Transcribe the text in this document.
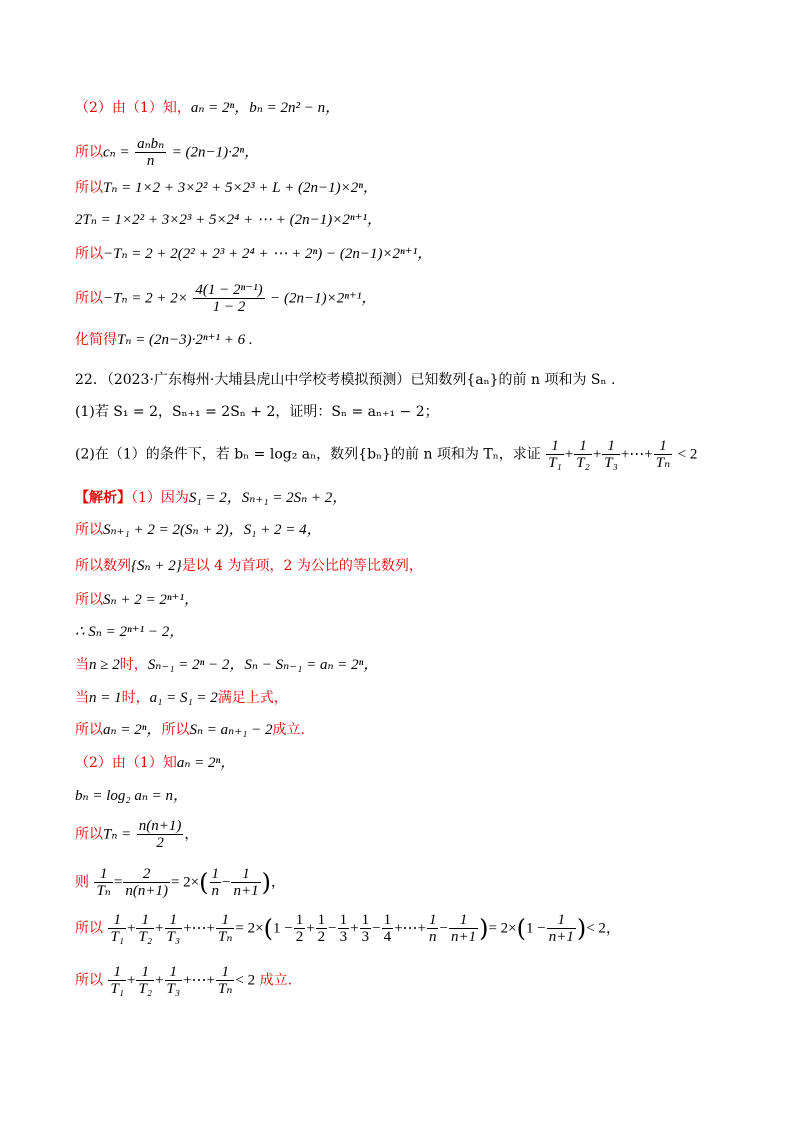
（2）由（1）知，aₙ = 2ⁿ，bₙ = 2n² − n，
所以$c_n = \frac{\text{aₙbₙ}}{n} = (2n-1)\cdot 2^n$，
所以Tₙ = 1×2 + 3×2² + 5×2³ + L + (2n−1)×2ⁿ，
2Tₙ = 1×2² + 3×2³ + 5×2⁴ + ⋯ + (2n−1)×2ⁿ⁺¹，
所以−Tₙ = 2 + 2(2² + 2³ + 2⁴ + ⋯ + 2ⁿ) − (2n−1)×2ⁿ⁺¹，
所以$-T_n = 2 + 2\times \frac{\text{4(1 − 2ⁿ⁻¹)}}{1 - 2} - (2n-1)\times 2^{n+1}$，
化简得Tₙ = (2n−3)·2ⁿ⁺¹ + 6 .
22．（2023·广东梅州·大埔县虎山中学校考模拟预测）已知数列{aₙ}的前 n 项和为 Sₙ .
(1)若 S₁ = 2，Sₙ₊₁ = 2Sₙ + 2，证明：Sₙ = aₙ₊₁ − 2；
(2)在（1）的条件下，若 bₙ = log₂ aₙ，数列{bₙ}的前 n 项和为 Tₙ，求证 $\frac{1}{\text{T₁}} + \frac{1}{\text{T₂}} + \frac{1}{\text{T₃}}$ +⋯+ $\frac{1}{\text{Tₙ}} < 2$
【解析】（1）因为S₁ = 2，Sₙ₊₁ = 2Sₙ + 2，
所以Sₙ₊₁ + 2 = 2(Sₙ + 2)，S₁ + 2 = 4，
所以数列{Sₙ + 2}是以 4 为首项，2 为公比的等比数列，
所以Sₙ + 2 = 2ⁿ⁺¹，
∴ Sₙ = 2ⁿ⁺¹ − 2，
当n ≥ 2时，Sₙ₋₁ = 2ⁿ − 2，Sₙ − Sₙ₋₁ = aₙ = 2ⁿ，
当n = 1时，a₁ = S₁ = 2满足上式，
所以aₙ = 2ⁿ，所以Sₙ = aₙ₊₁ − 2成立.
（2）由（1）知aₙ = 2ⁿ，
bₙ = log₂ aₙ = n，
所以$T_n = \frac{n(n+1)}{2}$ ，
则 $\frac{1}{\text{Tₙ}} = \frac{2}{n(n+1)} = 2\times( \frac{1}{n} - \frac{1}{n+1}$ )，
所以 $\frac{1}{\text{T₁}} + \frac{1}{\text{T₂}} + \frac{1}{\text{T₃}}$ +⋯+ $\frac{1}{\text{Tₙ}} = 2\times(1 - \frac{1}{2} + \frac{1}{2} - \frac{1}{3} + \frac{1}{3} - \frac{1}{4}$ +⋯+ $\frac{1}{n} - \frac{1}{n+1}$ )= $2\times(1 - \frac{1}{n+1}$ )< 2，
所以 $\frac{1}{\text{T₁}} + \frac{1}{\text{T₂}} + \frac{1}{\text{T₃}}$ +⋯+ $\frac{1}{\text{Tₙ}} < 2$ 成立.
